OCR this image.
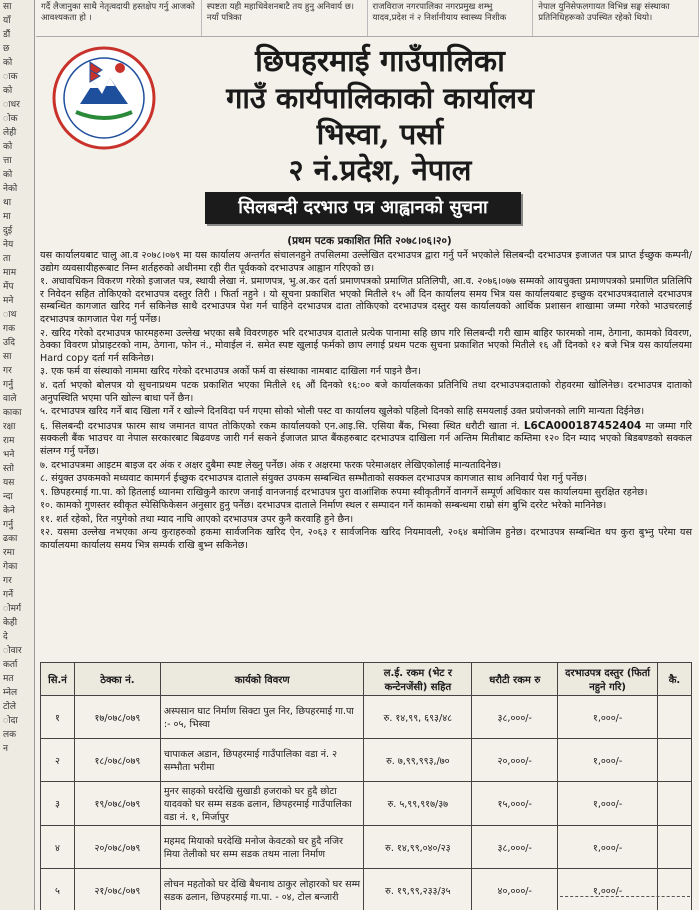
सा
याँ
डौं
छ
को
ाक
को
ाधर
ोक
लेही
को
त्ता
को
नेको
था
मा
दुई
नेय
ता
माम
मेंप
मने
ाथ
गक
उदि
सा
गर
गर्नु
वाले
काका
रक्षा
राम
भने
स्तो
यस
न्दा
केने
गर्नु
ढका
रमा
गेका
गर
गर्ने
ोमर्ग
केही
दे
ोवार
कर्ता
मत
म्नेल
टोले
ोदा
लक
न
गर्दै लैजानुका साथै नेतृत्वदायी हस्तक्षेप गर्नु आजको आवश्यकता हो ।
स्पष्टता यही महाधिवेशनबाटै तय हुनु अनिवार्य छ। नयाँ पत्रिका
राजविराज नगरपालिका नगरप्रमुख शम्भु यादव,प्रदेश नं २ निर्शानीयाय स्वास्थ्य निशीक
नेपाल युनिसेफलगायत विभिन्न सङ्घ संस्थाका प्रतिनिधिहरूको उपस्थित रहेको थियो।
छिपहरमाई गाउँपालिका
गाउँ कार्यपालिकाको कार्यालय
भिस्वा, पर्सा
२ नं.प्रदेश, नेपाल
सिलबन्दी दरभाउ पत्र आह्वानको सुचना
(प्रथम पटक प्रकाशित मिति २०७८।०६।२०)

यस कार्यालयबाट चालु आ.व २०७८।०७९ मा यस कार्यालय अन्तर्गत संचालनहुने तपसिलमा उल्लेखित दरभाउपत्र द्वारा गर्नु पर्ने भएकोले सिलबन्दी दरभाउपत्र इजाजत पत्र प्राप्त ईच्छुक कम्पनी/उद्योग व्यवसायीहरूबाट निम्न शर्तहरुको अधीनमा रही रीत पूर्वकको दरभाउपत्र आह्वान गरिएको छ।

१. अधावधिकन विकरण गरेको इजाजत पत्र, स्थायी लेखा नं. प्रमाणपत्र, भु.अ.कर दर्ता प्रमाणपत्रको प्रमाणित प्रतिलिपी, आ.व. २०७६।०७७ सम्मको आयचुक्ता प्रमाणपत्रको प्रमाणित प्रतिलिपि र निवेदन सहित तोकिएको दरभाउपत्र दस्तुर तिरी । फिर्ता नहुने । यो सूचना प्रकाशित भएको मितीले १५ औं दिन कार्यालय समय भित्र यस कार्यालयबाट इच्छुक दरभाउपत्रदाताले दरभाउपत्र सम्बन्धित कागजात खरिद गर्न सकिनेछ साथै दरभाउपत्र पेश गर्न चाहिने दरभाउपत्र दाता तोकिएको दरभाउपत्र दस्तुर यस कार्यालयको आर्थिक प्रशासन शाखामा जम्मा गरेको भाउचरलाई दरभाउपत्र कागजात पेश गर्नु पर्नेछ।

२. खरिद गरेको दरभाउपत्र फारमहरुमा उल्लेख भएका सबै विवरणहरु भरि दरभाउपत्र दाताले प्रत्येक पानामा सहि छाप गरि सिलबन्दी गरी खाम बाहिर फारमको नाम, ठेगाना, कामको विवरण, ठेक्का विवरण प्रोप्राइटरको नाम, ठेगाना, फोन नं., मोवाईल नं. समेत स्पष्ट खुलाई फर्मको छाप लगाई प्रथम पटक सुचना प्रकाशित भएको मितीले १६ औं दिनको १२ बजे भित्र यस कार्यालयमा Hard copy दर्ता गर्न सकिनेछ।

३. एक फर्म वा संस्थाको नाममा खरिद गरेको दरभाउपत्र अर्को फर्म वा संस्थाका नामबाट दाखिला गर्न पाइने छैन।

४. दर्ता भएको बोलपत्र यो सुचनाप्रथम पटक प्रकाशित भएका मितीले १६ औं दिनको १६:०० बजे कार्यालकका प्रतिनिधि तथा दरभाउपत्रदाताको रोहवरमा खोलिनेछ। दरभाउपत्र दाताको अनुपस्थिति भएमा पनि खोल्न बाधा पर्ने छैन।

५. दरभाउपत्र खरिद गर्ने बाद खिला गर्ने र खोल्ने दिनविदा पर्न गएमा सोको भोली पस्ट वा कार्यालय खुलेको पहिलो दिनको साहि समयलाई उक्त प्रयोजनको लागि मान्यता दिईनेछ।

६. सिलबन्दी दरभाउपत्र फारम साथ जमानत वापत तोकिएको रकम कार्यालयको एन.आइ.सि. एसिया बैंक, भिस्वा स्थित धरौटी खाता नं. L6CA000187452404 मा जम्मा गरि सक्कली बैंक भाउचर वा नेपाल सरकारबाट बिढवण्ड जारी गर्न सकने ईजाजत प्राप्त बैंकहरुबाट दरभाउपत्र दाखिला गर्न अन्तिम मितीबाट कम्तिमा १२० दिन म्याद भएको बिडबण्डको सक्कल संलग्न गर्नु पर्नेछ।

७. दरभाउपत्रमा आइटम बाइज दर अंक र अक्षर दुबैमा स्पष्ट लेख्नु पर्नेछ। अंक र अक्षरमा फरक परेमाअक्षर लेखिएकोलाई मान्यतादिनेछ।

८. संयुक्त उपकमको मध्यवाट कामगर्न ईच्छुक दरभाउपत्र दाताले संयुक्त उपकम सम्बन्धित सम्भौताको सक्कल दरभाउपत्र कागजात साथ अनिवार्य पेश गर्नु पर्नेछ।

९. छिपहरमाई गा.पा. को हितलाई ध्यानमा राखिकुनै कारण जनाई वानजनाई दरभाउपत्र पुरा वाआंशिक रुपमा स्वीकृतीगर्ने वानगर्ने सम्पूर्ण अधिकार यस कार्यालयमा सुरक्षित रहनेछ।

१०. कामको गुणस्तर स्वीकृत स्पेसिफिकेसन अनुसार हुनु पर्नेछ। दरभाउपत्र दाताले निर्माण स्थल र सम्पादन गर्ने कामको सम्बन्धमा राम्रो संग बुभि दररेट भरेको मानिनेछ।

११. शर्त रहेको, रित नपुगेको तथा म्याद नाघि आएको दरभाउपत्र उपर कुनै करवाहि हुने छैन।

१२. यसमा उल्लेख नभएका अन्य कुराहरुको हकमा सार्वजनिक खरिद ऐन, २०६३ र सार्वजनिक खरिद नियमावली, २०६४ बमोजिम हुनेछ। दरभाउपत्र सम्बन्धित थप कुरा बुभ्नु परेमा यस कार्यालयमा कार्यालय समय भित्र सम्पर्क राखि बुभ्न सकिनेछ।

सि.नं	ठेक्का नं.	कार्यको विवरण	ल.ई. रकम (भेट र कन्टेनजेंसी) सहित	धरौटी रकम रु	दरभाउपत्र दस्तुर (फिर्ता नहुने गरि)	कै.
१	१७/०७८/०७९	अस्पसान घाट निर्माण सिक्टा पुल निर, छिपहरमाई गा.पा :- ०५, भिस्वा	रु. १४,९९, ६९३/४८	३८,०००/-	१,०००/-	
२	१८/०७८/०७९	चापाकल अडान, छिपहरमाई गाउँपालिका वडा नं. २ सम्भौता भरीमा	रु. ७,९९,९९३,/७०	२०,०००/-	१,०००/-	
३	१९/०७८/०७९	मुनर साहको घरदेखि सुखाडी हजराको घर हुदै छोटा यादवको घर सम्म सडक ढलान, छिपहरमाई गाउँपालिका वडा नं. १, मिर्जापुर	रु. ५,९९,९१७/३७	१५,०००/-	१,०००/-	
४	२०/०७८/०७९	महमद मियाको घरदेखि मनोज केवटको घर हुदै नजिर मिया तेलीको घर सम्म सडक तथम नाला निर्माण	रु. १४,९९,०४०/२३	३८,०००/-	१,०००/-	
५	२१/०७८/०७९	लोचन महतोको घर देखि बैधनाथ ठाकुर लोहारको घर सम्म सडक ढलान, छिपहरमाई गा.पा. - ०४, टोल बन्जारी	रु. १९,९९,२३३/३५	४०,०००/-	१,०००/-	
